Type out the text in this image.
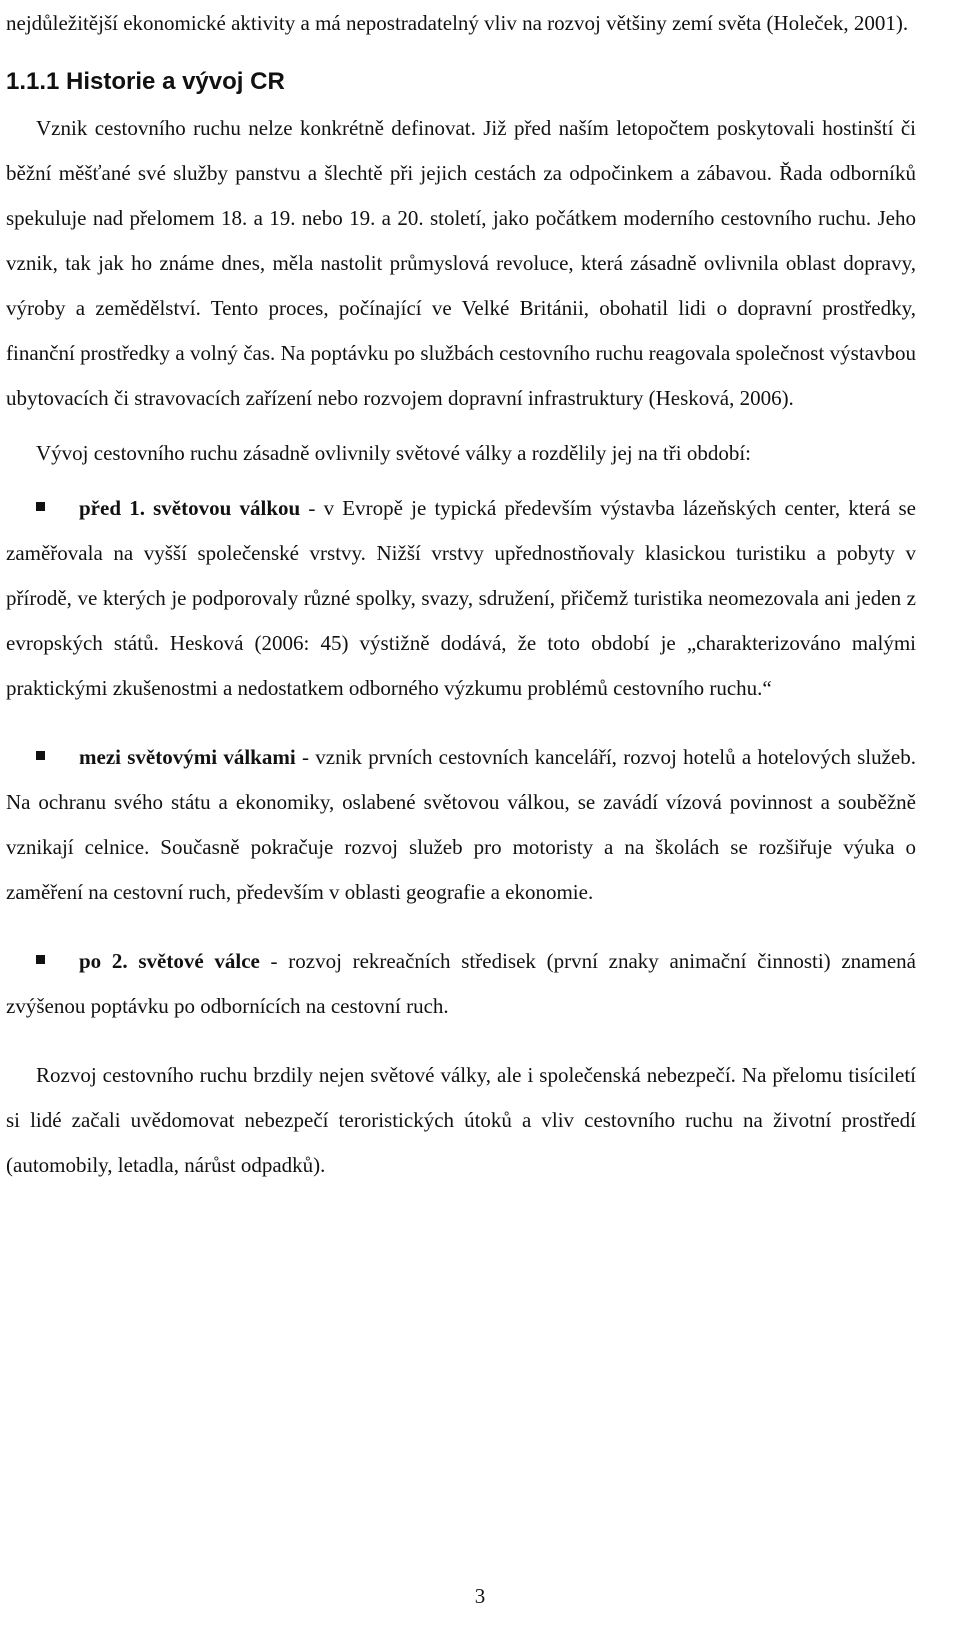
nejdůležitější ekonomické aktivity a má nepostradatelný vliv na rozvoj většiny zemí světa (Holeček, 2001).

1.1.1 Historie a vývoj CR

Vznik cestovního ruchu nelze konkrétně definovat. Již před naším letopočtem poskytovali hostinští či běžní měšťané své služby panstvu a šlechtě při jejich cestách za odpočinkem a zábavou. Řada odborníků spekuluje nad přelomem 18. a 19. nebo 19. a 20. století, jako počátkem moderního cestovního ruchu. Jeho vznik, tak jak ho známe dnes, měla nastolit průmyslová revoluce, která zásadně ovlivnila oblast dopravy, výroby a zemědělství. Tento proces, počínající ve Velké Británii, obohatil lidi o dopravní prostředky, finanční prostředky a volný čas. Na poptávku po službách cestovního ruchu reagovala společnost výstavbou ubytovacích či stravovacích zařízení nebo rozvojem dopravní infrastruktury (Hesková, 2006).

Vývoj cestovního ruchu zásadně ovlivnily světové války a rozdělily jej na tři období:

před 1. světovou válkou - v Evropě je typická především výstavba lázeňských center, která se zaměřovala na vyšší společenské vrstvy. Nižší vrstvy upřednostňovaly klasickou turistiku a pobyty v přírodě, ve kterých je podporovaly různé spolky, svazy, sdružení, přičemž turistika neomezovala ani jeden z evropských států. Hesková (2006: 45) výstižně dodává, že toto období je „charakterizováno malými praktickými zkušenostmi a nedostatkem odborného výzkumu problémů cestovního ruchu.“

mezi světovými válkami - vznik prvních cestovních kanceláří, rozvoj hotelů a hotelových služeb. Na ochranu svého státu a ekonomiky, oslabené světovou válkou, se zavádí vízová povinnost a souběžně vznikají celnice. Současně pokračuje rozvoj služeb pro motoristy a na školách se rozšiřuje výuka o zaměření na cestovní ruch, především v oblasti geografie a ekonomie.

po 2. světové válce - rozvoj rekreačních středisek (první znaky animační činnosti) znamená zvýšenou poptávku po odbornících na cestovní ruch.

Rozvoj cestovního ruchu brzdily nejen světové války, ale i společenská nebezpečí. Na přelomu tisíciletí si lidé začali uvědomovat nebezpečí teroristických útoků a vliv cestovního ruchu na životní prostředí (automobily, letadla, nárůst odpadků).

3
